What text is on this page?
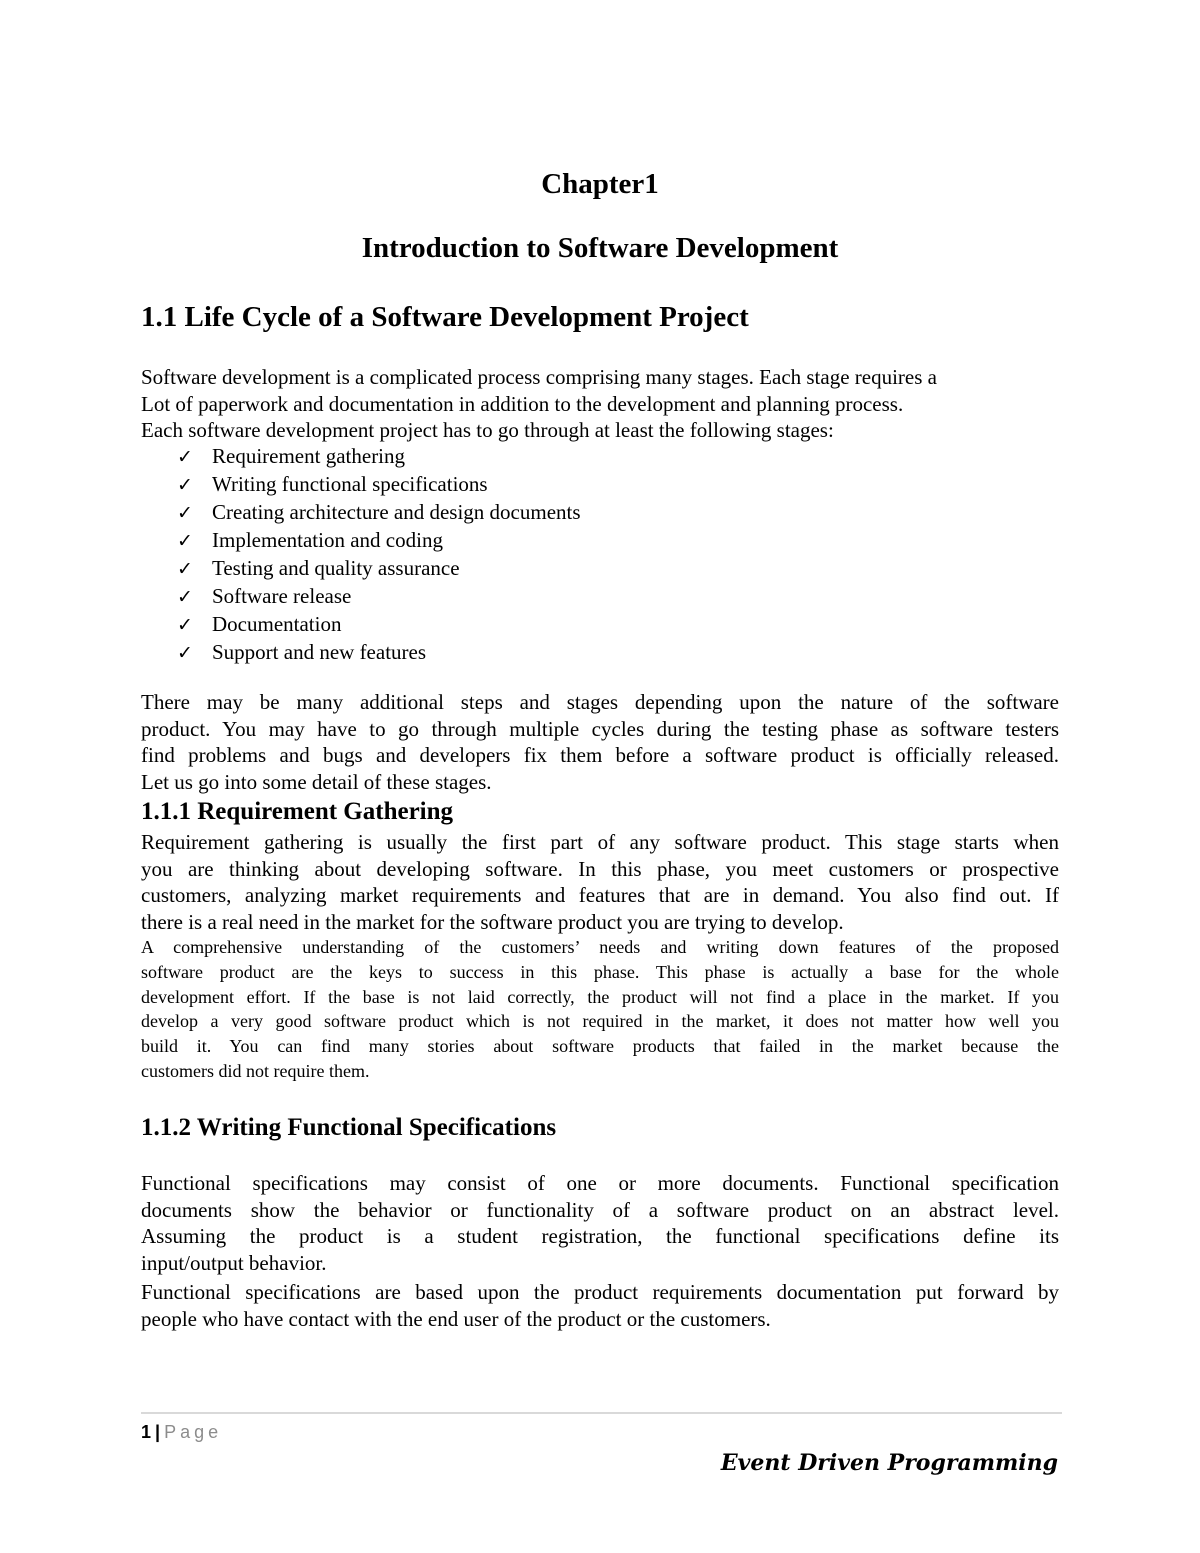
Chapter1
Introduction to Software Development
1.1 Life Cycle of a Software Development Project
Software development is a complicated process comprising many stages. Each stage requires a
Lot of paperwork and documentation in addition to the development and planning process.
Each software development project has to go through at least the following stages:
✓ Requirement gathering
✓ Writing functional specifications
✓ Creating architecture and design documents
✓ Implementation and coding
✓ Testing and quality assurance
✓ Software release
✓ Documentation
✓ Support and new features
There may be many additional steps and stages depending upon the nature of the software
product. You may have to go through multiple cycles during the testing phase as software testers
find problems and bugs and developers fix them before a software product is officially released.
Let us go into some detail of these stages.
1.1.1 Requirement Gathering
Requirement gathering is usually the first part of any software product. This stage starts when
you are thinking about developing software. In this phase, you meet customers or prospective
customers, analyzing market requirements and features that are in demand. You also find out. If
there is a real need in the market for the software product you are trying to develop.
A comprehensive understanding of the customers’ needs and writing down features of the proposed
software product are the keys to success in this phase. This phase is actually a base for the whole
development effort. If the base is not laid correctly, the product will not find a place in the market. If you
develop a very good software product which is not required in the market, it does not matter how well you
build it. You can find many stories about software products that failed in the market because the
customers did not require them.
1.1.2 Writing Functional Specifications
Functional specifications may consist of one or more documents. Functional specification
documents show the behavior or functionality of a software product on an abstract level.
Assuming the product is a student registration, the functional specifications define its
input/output behavior.
Functional specifications are based upon the product requirements documentation put forward by
people who have contact with the end user of the product or the customers.
1 | Page
Event Driven Programming
